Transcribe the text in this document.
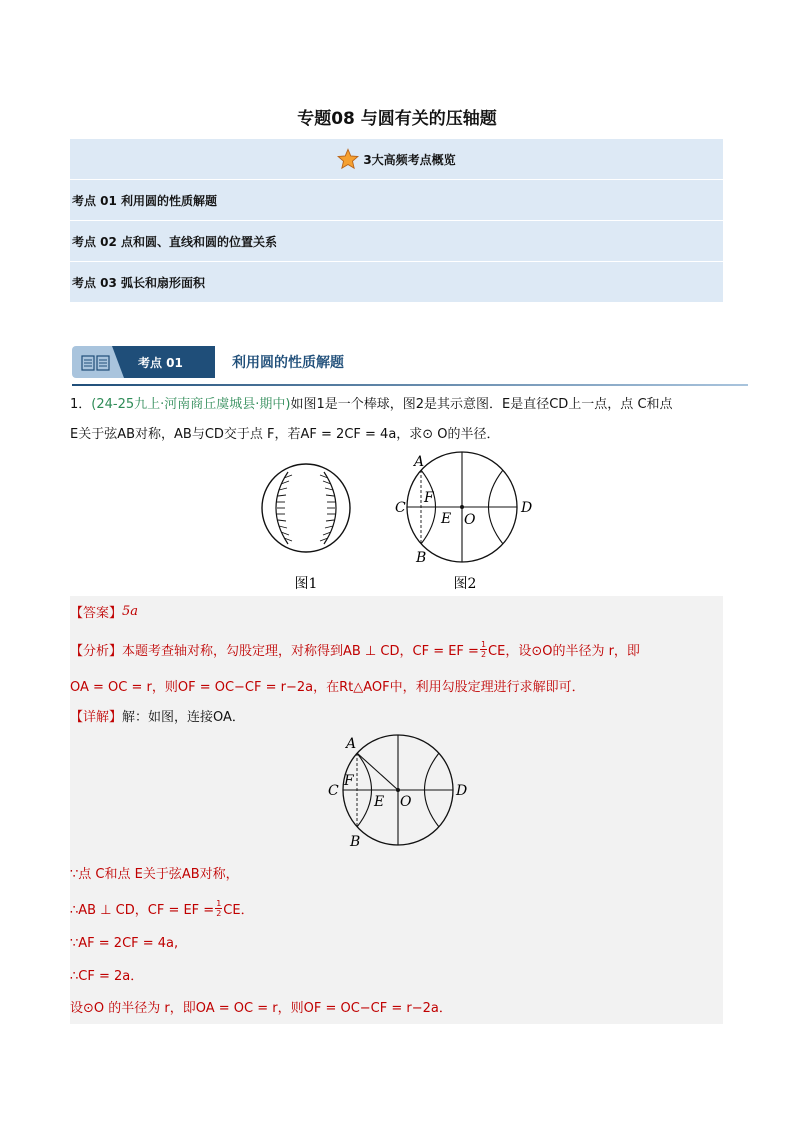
专题08 与圆有关的压轴题
3大高频考点概览
考点 01 利用圆的性质解题
考点 02 点和圆、直线和圆的位置关系
考点 03 弧长和扇形面积
考点 01	利用圆的性质解题
1．(24-25九上·河南商丘虞城县·期中)如图1是一个棒球，图2是其示意图．E是直径CD上一点，点 C和点
E关于弦AB对称，AB与CD交于点 F，若AF = 2CF = 4a，求⊙ O的半径．
图1
A
B
C	D
E
F
O
图2
【答案】 5a
【分析】 本题考查轴对称，勾股定理，对称得到AB ⊥ CD，CF = EF = $\frac{1}{2}$ CE，设⊙O的半径为 r，即
OA = OC = r，则OF = OC−CF = r−2a，在Rt△AOF中，利用勾股定理进行求解即可．
【详解】 解：如图，连接OA．
A
B
C	D
E
F
O
∵点 C和点 E关于弦AB对称，
∴AB ⊥ CD，CF = EF = $\frac{1}{2}$ CE．
∵AF = 2CF = 4a,
∴CF = 2a．
设⊙O 的半径为 r，即OA = OC = r，则OF = OC−CF = r−2a．
